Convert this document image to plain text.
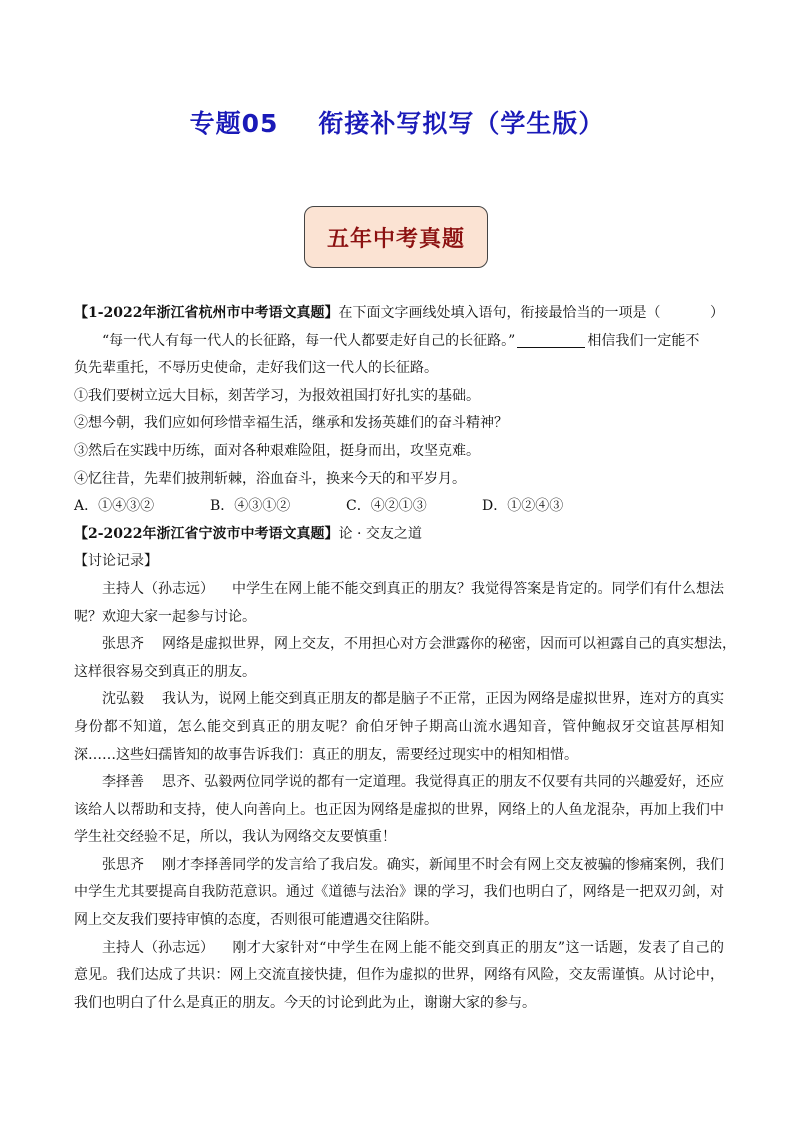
专题05 衔接补写拟写（学生版）
五年中考真题
【1-2022年浙江省杭州市中考语文真题】在下面文字画线处填入语句，衔接最恰当的一项是（	）
“每一代人有每一代人的长征路，每一代人都要走好自己的长征路。”	相信我们一定能不
负先辈重托，不辱历史使命，走好我们这一代人的长征路。
①我们要树立远大目标，刻苦学习，为报效祖国打好扎实的基础。
②想今朝，我们应如何珍惜幸福生活，继承和发扬英雄们的奋斗精神？
③然后在实践中历练，面对各种艰难险阻，挺身而出，攻坚克难。
④忆往昔，先辈们披荆斩棘，浴血奋斗，换来今天的和平岁月。
A．①④③②	B．④③①②	C．④②①③	D．①②④③
【2-2022年浙江省宁波市中考语文真题】论 · 交友之道
【讨论记录】
主持人（孙志远） 中学生在网上能不能交到真正的朋友？我觉得答案是肯定的。同学们有什么想法
呢？欢迎大家一起参与讨论。
张思齐 网络是虚拟世界，网上交友，不用担心对方会泄露你的秘密，因而可以袒露自己的真实想法，
这样很容易交到真正的朋友。
沈弘毅 我认为，说网上能交到真正朋友的都是脑子不正常，正因为网络是虚拟世界，连对方的真实
身份都不知道，怎么能交到真正的朋友呢？俞伯牙钟子期高山流水遇知音，管仲鲍叔牙交谊甚厚相知
深……这些妇孺皆知的故事告诉我们：真正的朋友，需要经过现实中的相知相惜。
李择善 思齐、弘毅两位同学说的都有一定道理。我觉得真正的朋友不仅要有共同的兴趣爱好，还应
该给人以帮助和支持，使人向善向上。也正因为网络是虚拟的世界，网络上的人鱼龙混杂，再加上我们中
学生社交经验不足，所以，我认为网络交友要慎重！
张思齐 刚才李择善同学的发言给了我启发。确实，新闻里不时会有网上交友被骗的惨痛案例，我们
中学生尤其要提高自我防范意识。通过《道德与法治》课的学习，我们也明白了，网络是一把双刃剑，对
网上交友我们要持审慎的态度，否则很可能遭遇交往陷阱。
主持人（孙志远） 刚才大家针对“中学生在网上能不能交到真正的朋友”这一话题，发表了自己的
意见。我们达成了共识：网上交流直接快捷，但作为虚拟的世界，网络有风险，交友需谨慎。从讨论中，
我们也明白了什么是真正的朋友。今天的讨论到此为止，谢谢大家的参与。
